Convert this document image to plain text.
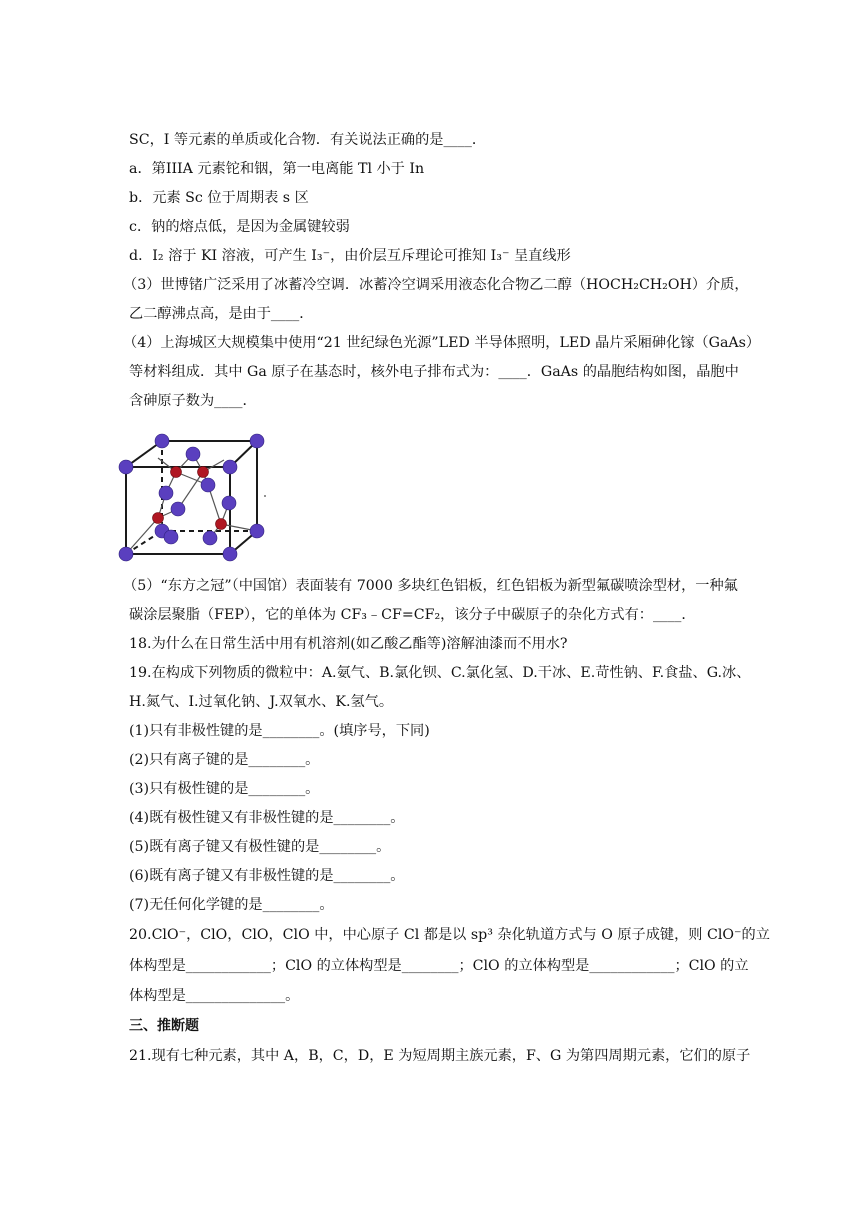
SC，I 等元素的单质或化合物．有关说法正确的是____．
a．第IIIA 元素铊和铟，第一电离能 Tl 小于 In
b．元素 Sc 位于周期表 s 区
c．钠的熔点低，是因为金属键较弱
d．I₂ 溶于 KI 溶液，可产生 I₃⁻，由价层互斥理论可推知 I₃⁻ 呈直线形
（3）世博锗广泛采用了冰蓄冷空调．冰蓄冷空调采用液态化合物乙二醇（HOCH₂CH₂OH）介质，
乙二醇沸点高，是由于____．
（4）上海城区大规模集中使用“21 世纪绿色光源”LED 半导体照明，LED 晶片采厢砷化镓（GaAs）
等材料组成．其中 Ga 原子在基态时，核外电子排布式为：____．GaAs 的晶胞结构如图，晶胞中
含砷原子数为____．
（5）“东方之冠”（中国馆）表面装有 7000 多块红色铝板，红色铝板为新型氟碳喷涂型材，一种氟
碳涂层聚脂（FEP），它的单体为 CF₃﹣CF=CF₂，该分子中碳原子的杂化方式有：____．
18.为什么在日常生活中用有机溶剂(如乙酸乙酯等)溶解油漆而不用水?
19.在构成下列物质的微粒中：A.氨气、B.氯化钡、C.氯化氢、D.干冰、E.苛性钠、F.食盐、G.冰、
H.氮气、I.过氧化钠、J.双氧水、K.氢气。
(1)只有非极性键的是________。(填序号，下同)
(2)只有离子键的是________。
(3)只有极性键的是________。
(4)既有极性键又有非极性键的是________。
(5)既有离子键又有极性键的是________。
(6)既有离子键又有非极性键的是________。
(7)无任何化学键的是________。
20.ClO⁻，ClO，ClO，ClO 中，中心原子 Cl 都是以 sp³ 杂化轨道方式与 O 原子成键，则 ClO⁻的立
体构型是____________；ClO 的立体构型是________；ClO 的立体构型是____________；ClO 的立
体构型是______________。
三、推断题
21.现有七种元素，其中 A，B，C，D，E 为短周期主族元素，F、G 为第四周期元素，它们的原子
